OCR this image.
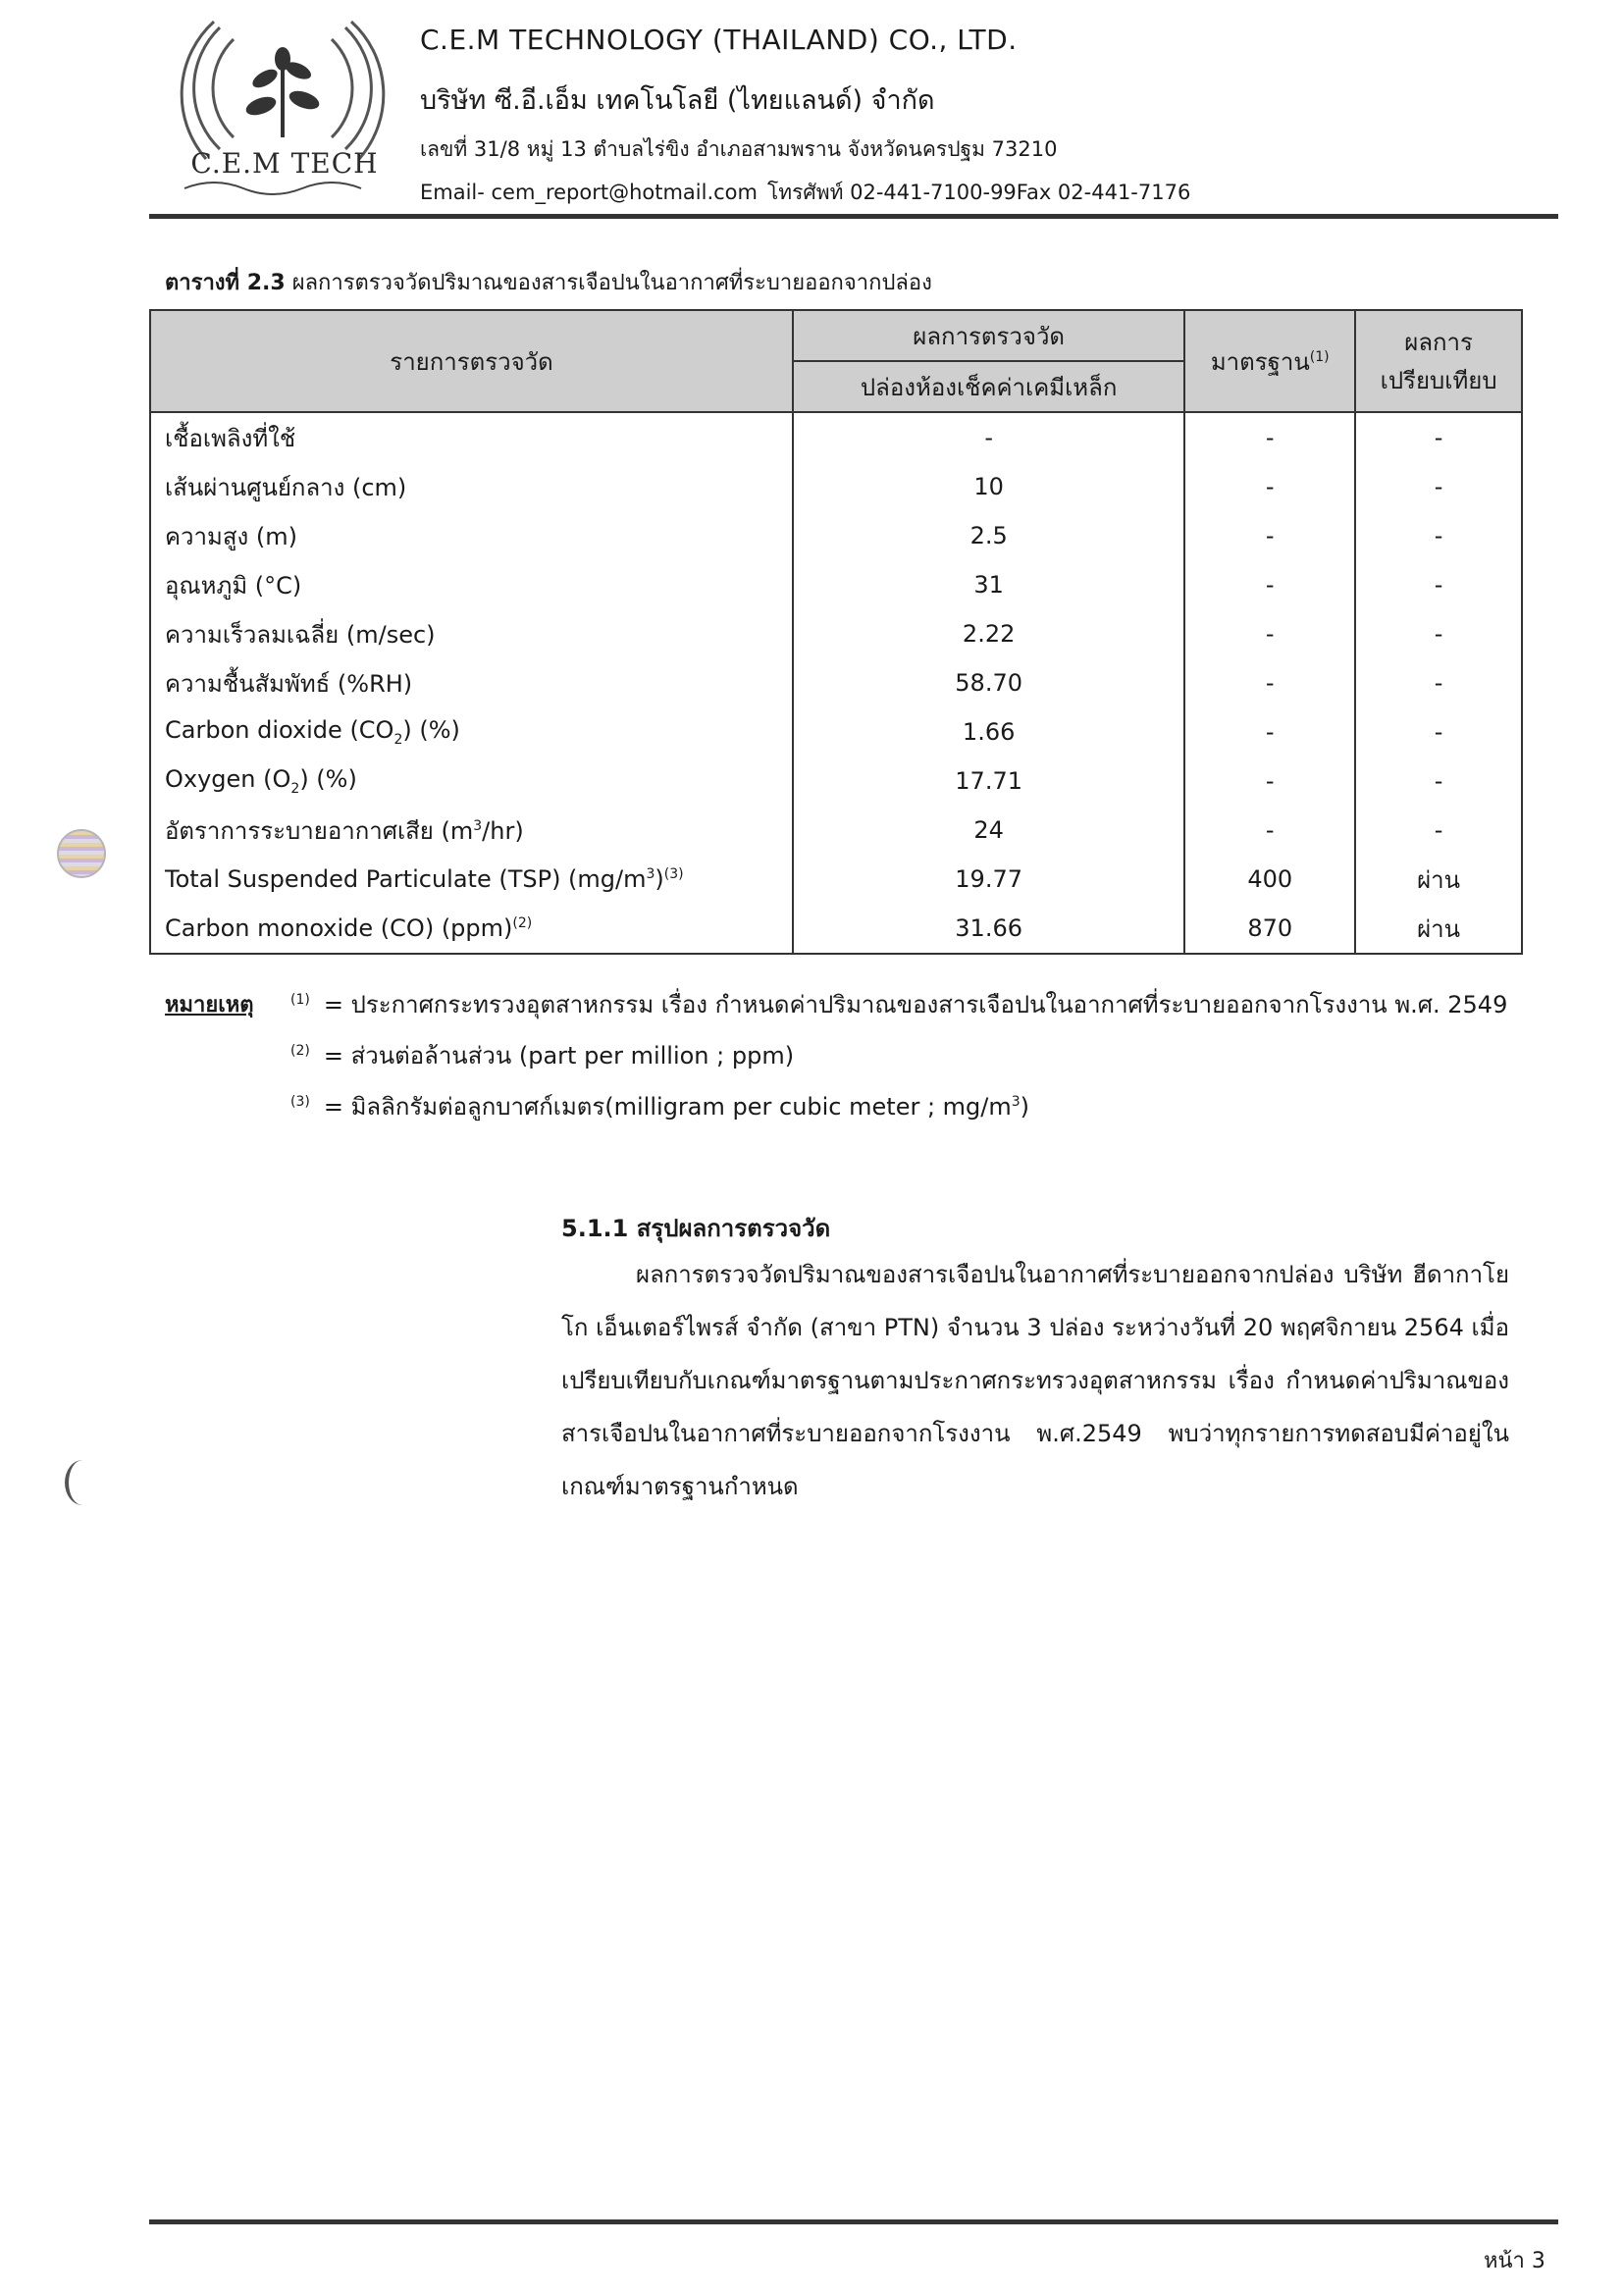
C.E.M TECH
C.E.M TECHNOLOGY (THAILAND) CO., LTD.
บริษัท ซี.อี.เอ็ม เทคโนโลยี (ไทยแลนด์) จำกัด
เลขที่ 31/8 หมู่ 13 ตำบลไร่ขิง อำเภอสามพราน จังหวัดนครปฐม 73210
Email- cem_report@hotmail.com โทรศัพท์ 02-441-7100-99Fax 02-441-7176
ตารางที่ 2.3 ผลการตรวจวัดปริมาณของสารเจือปนในอากาศที่ระบายออกจากปล่อง
รายการตรวจวัด	ผลการตรวจวัด	มาตรฐาน$^{(1)}$	ผลการ
เปรียบเทียบ

	ปล่องห้องเช็คค่าเคมีเหล็ก		
เชื้อเพลิงที่ใช้	-	-	-
เส้นผ่านศูนย์กลาง (cm)	10	-	-
ความสูง (m)	2.5	-	-
อุณหภูมิ (°C)	31	-	-
ความเร็วลมเฉลี่ย (m/sec)	2.22	-	-
ความชื้นสัมพัทธ์ (%RH)	58.70	-	-
Carbon dioxide $(CO_2)$ (%)	1.66	-	-
Oxygen $(O_2)$ (%)	17.71	-	-
อัตราการระบายอากาศเสีย $(m^3/hr)$	24	-	-
Total Suspended Particulate (TSP) $(mg/m^3)^{(3)}$	19.77	400	ผ่าน
Carbon monoxide (CO) (ppm)$^{(2)}$	31.66	870	ผ่าน
หมายเหตุ	$^{(1)}$ = ประกาศกระทรวงอุตสาหกรรม เรื่อง กำหนดค่าปริมาณของสารเจือปนในอากาศที่ระบายออกจากโรงงาน พ.ศ. 2549
$^{(2)}$ = ส่วนต่อล้านส่วน (part per million ; ppm)
$^{(3)}$ = มิลลิกรัมต่อลูกบาศก์เมตร(milligram per cubic meter ; $mg/m^3$)
5.1.1 สรุปผลการตรวจวัด
ผลการตรวจวัดปริมาณของสารเจือปนในอากาศที่ระบายออกจากปล่อง บริษัท ฮีดากาโยโก เอ็นเตอร์ไพรส์ จำกัด (สาขา PTN) จำนวน 3 ปล่อง ระหว่างวันที่ 20 พฤศจิกายน 2564 เมื่อเปรียบเทียบกับเกณฑ์มาตรฐานตามประกาศกระทรวงอุตสาหกรรม เรื่อง กำหนดค่าปริมาณของสารเจือปนในอากาศที่ระบายออกจากโรงงาน พ.ศ.2549 พบว่าทุกรายการทดสอบมีค่าอยู่ในเกณฑ์มาตรฐานกำหนด
หน้า 3
